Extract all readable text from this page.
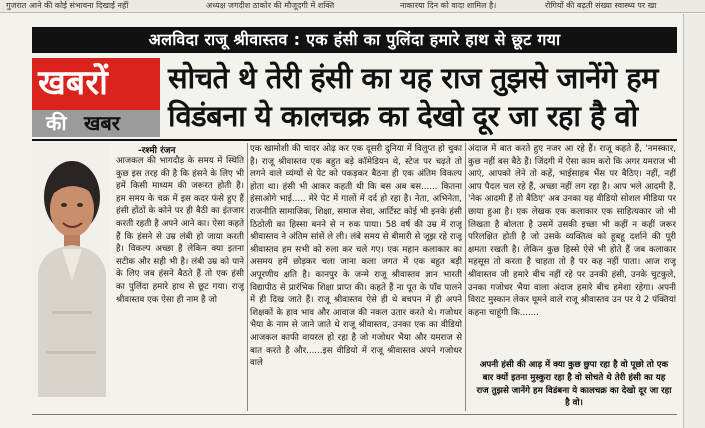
गुजरात आने की कोई संभावना दिखाई नहीं	अध्यक्ष जगदीश ठाकोर की मौजूदगी में शक्ति	नाकारया दिन को वादा शामिल है।	रोगियों की बढ़ती संख्या स्वास्थ्य पर खा
अलविदा राजू श्रीवास्तव : एक हंसी का पुलिंदा हमारे हाथ से छूट गया
खबरों
की खबर
सोचते थे तेरी हंसी का यह राज तुझसे जानेंगे हम
विडंबना ये कालचक्र का देखो दूर जा रहा है वो
-रश्मी रंजन

आजकल की भागदौड़ के समय में स्थिति कुछ इस तरह की है कि हंसने के लिए भी हमें किसी माध्यम की जरूरत होती है। हम समय के चक्र में इस कदर फंसे हुए हैं हंसी होंठों के कोने पर ही बैठी का इंतजार करती रहती है अपने आने का। ऐसा कहते हैं कि हंसने से उम्र लंबी हो जाया करती है। विकल्प अच्छा है लेकिन क्या इतना सटीक और सही भी है। लंबी उम्र को पाने के लिए जब हंसने बैठते हैं तो एक हंसी का पुलिंदा हमारे हाथ से छूट गया। राजू श्रीवास्तव एक ऐसा ही नाम है जो

एक खामोशी की चादर ओढ़ कर एक दूसरी दुनिया में विलुप्त हो चुका है। राजू श्रीवास्तव एक बहुत बड़े कॉमेडियन थे, स्टेज पर चढ़ते तो लगने वाले व्यंग्यों से पेट को पकड़कर बैठना ही एक अंतिम विकल्प होता था। हंसी भी आकर कहती थी कि बस अब बस...... कितना हंसाओगे भाई..... मेरे पेट में गालों में दर्द हो रहा है। नेता, अभिनेता, राजनीति सामाजिक, शिक्षा, समाज सेवा, आर्टिस्ट कोई भी इनके हंसी ठिठोली का हिस्सा बनने से न रुक पाया। 58 वर्ष की उम्र में राजू श्रीवास्तव ने अंतिम सांसें ले ली। लंबे समय से बीमारी से जूझ रहे राजू श्रीवास्तव हम सभी को रुला कर चले गए। एक महान कलाकार का असमय हमें छोड़कर चला जाना कला जगत में एक बहुत बड़ी अपूरणीय क्षति है। कानपुर के जन्मे राजू श्रीवास्तव ज्ञान भारती विद्यापीठ से प्रारंभिक शिक्षा प्राप्त की। कहते हैं ना पूत के पाँव पालने में ही दिख जाते हैं। राजू श्रीवास्तव ऐसे ही थे बचपन में ही अपने शिक्षकों के हाव भाव और आवाज की नकल उतार करते थे। गजोधर भैया के नाम से जाने जाते थे राजू श्रीवास्तव, उनका एक का वीडियो आजकल काफी वायरल हो रहा है जो गजोधर भैया और यमराज से बात करते है और......इस वीडियो में राजू श्रीवास्तव अपने गजोधर वाले

अंदाज में बात करते हुए नजर आ रहे हैं। राजू कहते हैं, 'नमस्कार, कुछ नहीं बस बैठे हैं। जिंदगी में ऐसा काम करो कि अगर यमराज भी आएं, आपको लेने तो कहें, भाईसाहब भैंस पर बैठिए। नहीं, नहीं आप पैदल चल रहे हैं, अच्छा नहीं लग रहा है। आप भले आदमी हैं, 'नेक आदमी हैं तो बैठिए' अब उनका यह वीडियो सोशल मीडिया पर छाया हुआ है। एक लेखक एक कलाकार एक साहित्यकार जो भी लिखता है बोलता है उसमें उसकी इच्छा भी कहीं न कहीं जरूर परिलक्षित होती है जो उसके व्यक्तित्व को हूबहू दर्शाने की पूरी क्षमता रखती है। लेकिन कुछ हिस्से ऐसे भी होते हैं जब कलाकार महसूस तो करता है चाहता तो है पर कह नहीं पाता। आज राजू श्रीवास्तव जी हमारे बीच नहीं रहे पर उनकी हंसी, उनके चुटकुले, उनका गजोधर भैया वाला अंदाज हमारे बीच हमेशा रहेगा। अपनी विराट मुस्कान लेकर घूमने वाले राजू श्रीवास्तव उन पर ये 2 पंक्तियां कहना चाहूंगी कि.......

अपनी हंसी की आड़ में क्या कुछ छुपा रहा है वो पूछो तो एक बार क्यों इतना मुस्कुरा रहा है वो सोचते थे तेरी हंसी का यह राज तुझसे जानेंगे हम विडंबना ये कालचक्र का देखो दूर जा रहा है वो।
